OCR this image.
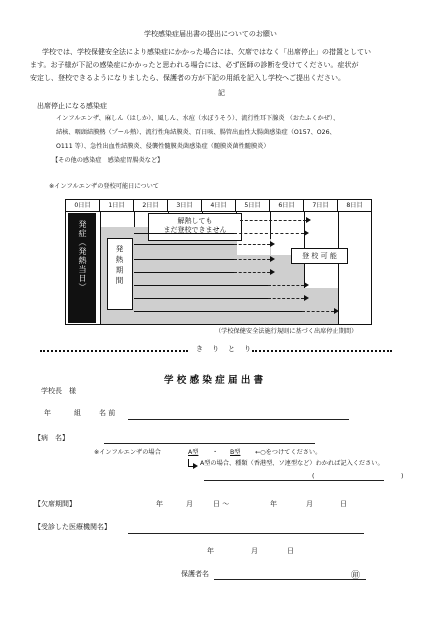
学校感染症届出書の提出についてのお願い
学校では、学校保健安全法により感染症にかかった場合には、欠席ではなく「出席停止」の措置としてい
ます。お子様が下記の感染症にかかったと思われる場合には、必ず医師の診断を受けてください。症状が
安定し、登校できるようになりましたら、保護者の方が下記の用紙を記入し学校へご提出ください。
記
出席停止になる感染症
インフルエンザ、麻しん（はしか）、風しん、水痘（水ぼうそう）、流行性耳下腺炎 （おたふくかぜ）、
結核、咽頭結膜熱（プール熱）、流行性角結膜炎、百日咳、腸管出血性大腸菌感染症（O157、O26、
O111 等）、急性出血性結膜炎、侵襲性髄膜炎菌感染症（髄膜炎菌性髄膜炎）
【その他の感染症　感染症胃腸炎など】
※インフルエンザの登校可能日について
0日目	1日目	2日目	3日目	4日目	5日目	6日目	7日目	8日目
発症（発熱当日）	発熱期間
解熱しても
まだ登校できません
登 校 可 能
（学校保健安全法施行規則に基づく出席停止期間）
き　り　と　り
学 校 感 染 症 届 出 書
学校長　様
年	組	名 前
【病　名】
※インフルエンザの場合	A型 ・ B型 ←○をつけてください。
A型の場合、種類（香港型、ソ連型など）わかれば記入ください。
(　　　　　　　　　　　　　　)
【欠席期間】	年	月	日 〜	年	月	日
【受診した医療機関名】
年	月	日
保護者名	㊞
